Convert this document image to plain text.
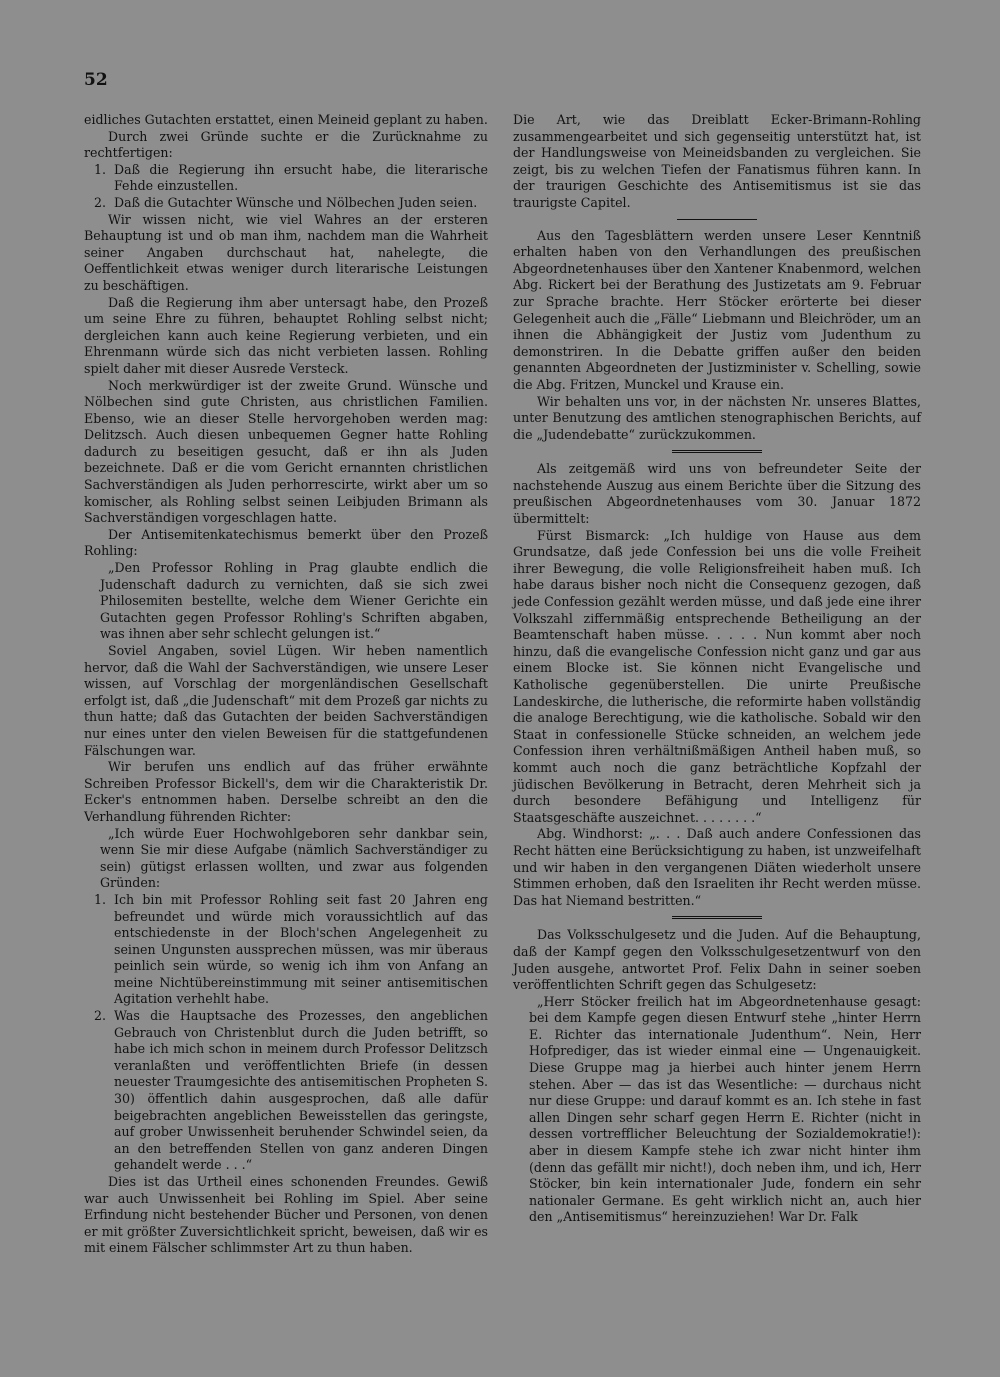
52

eidliches Gutachten erstattet, einen Meineid geplant zu haben.

Durch zwei Gründe suchte er die Zurücknahme zu rechtfertigen:

1. Daß die Regierung ihn ersucht habe, die literarische Fehde einzustellen.
2. Daß die Gutachter Wünsche und Nölbechen Juden seien.

Wir wissen nicht, wie viel Wahres an der ersteren Behauptung ist und ob man ihm, nachdem man die Wahrheit seiner Angaben durchschaut hat, nahelegte, die Oeffentlichkeit etwas weniger durch literarische Leistungen zu beschäftigen.

Daß die Regierung ihm aber untersagt habe, den Prozeß um seine Ehre zu führen, behauptet Rohling selbst nicht; dergleichen kann auch keine Regierung verbieten, und ein Ehrenmann würde sich das nicht verbieten lassen. Rohling spielt daher mit dieser Ausrede Versteck.

Noch merkwürdiger ist der zweite Grund. Wünsche und Nölbechen sind gute Christen, aus christlichen Familien. Ebenso, wie an dieser Stelle hervorgehoben werden mag: Delitzsch. Auch diesen unbequemen Gegner hatte Rohling dadurch zu beseitigen gesucht, daß er ihn als Juden bezeichnete. Daß er die vom Gericht ernannten christlichen Sachverständigen als Juden perhorrescirte, wirkt aber um so komischer, als Rohling selbst seinen Leibjuden Brimann als Sachverständigen vorgeschlagen hatte.

Der Antisemitenkatechismus bemerkt über den Prozeß Rohling:

„Den Professor Rohling in Prag glaubte endlich die Judenschaft dadurch zu vernichten, daß sie sich zwei Philosemiten bestellte, welche dem Wiener Gerichte ein Gutachten gegen Professor Rohling's Schriften abgaben, was ihnen aber sehr schlecht gelungen ist.“

Soviel Angaben, soviel Lügen. Wir heben namentlich hervor, daß die Wahl der Sachverständigen, wie unsere Leser wissen, auf Vorschlag der morgenländischen Gesellschaft erfolgt ist, daß „die Judenschaft“ mit dem Prozeß gar nichts zu thun hatte; daß das Gutachten der beiden Sachverständigen nur eines unter den vielen Beweisen für die stattgefundenen Fälschungen war.

Wir berufen uns endlich auf das früher erwähnte Schreiben Professor Bickell's, dem wir die Charakteristik Dr. Ecker's entnommen haben. Derselbe schreibt an den die Verhandlung führenden Richter:

„Ich würde Euer Hochwohlgeboren sehr dankbar sein, wenn Sie mir diese Aufgabe (nämlich Sachverständiger zu sein) gütigst erlassen wollten, und zwar aus folgenden Gründen:

1. Ich bin mit Professor Rohling seit fast 20 Jahren eng befreundet und würde mich voraussichtlich auf das entschiedenste in der Bloch'schen Angelegenheit zu seinen Ungunsten aussprechen müssen, was mir überaus peinlich sein würde, so wenig ich ihm von Anfang an meine Nichtübereinstimmung mit seiner antisemitischen Agitation verhehlt habe.
2. Was die Hauptsache des Prozesses, den angeblichen Gebrauch von Christenblut durch die Juden betrifft, so habe ich mich schon in meinem durch Professor Delitzsch veranlaßten und veröffentlichten Briefe (in dessen neuester Traumgesichte des antisemitischen Propheten S. 30) öffentlich dahin ausgesprochen, daß alle dafür beigebrachten angeblichen Beweisstellen das geringste, auf grober Unwissenheit beruhender Schwindel seien, da an den betreffenden Stellen von ganz anderen Dingen gehandelt werde . . .“

Dies ist das Urtheil eines schonenden Freundes. Gewiß war auch Unwissenheit bei Rohling im Spiel. Aber seine Erfindung nicht bestehender Bücher und Personen, von denen er mit größter Zuversichtlichkeit spricht, beweisen, daß wir es mit einem Fälscher schlimmster Art zu thun haben.

Die Art, wie das Dreiblatt Ecker-Brimann-Rohling zusammengearbeitet und sich gegenseitig unterstützt hat, ist der Handlungsweise von Meineidsbanden zu vergleichen. Sie zeigt, bis zu welchen Tiefen der Fanatismus führen kann. In der traurigen Geschichte des Antisemitismus ist sie das traurigste Capitel.

Aus den Tagesblättern werden unsere Leser Kenntniß erhalten haben von den Verhandlungen des preußischen Abgeordnetenhauses über den Xantener Knabenmord, welchen Abg. Rickert bei der Berathung des Justizetats am 9. Februar zur Sprache brachte. Herr Stöcker erörterte bei dieser Gelegenheit auch die „Fälle“ Liebmann und Bleichröder, um an ihnen die Abhängigkeit der Justiz vom Judenthum zu demonstriren. In die Debatte griffen außer den beiden genannten Abgeordneten der Justizminister v. Schelling, sowie die Abg. Fritzen, Munckel und Krause ein.

Wir behalten uns vor, in der nächsten Nr. unseres Blattes, unter Benutzung des amtlichen stenographischen Berichts, auf die „Judendebatte“ zurückzukommen.

Als zeitgemäß wird uns von befreundeter Seite der nachstehende Auszug aus einem Berichte über die Sitzung des preußischen Abgeordnetenhauses vom 30. Januar 1872 übermittelt:

Fürst Bismarck: „Ich huldige von Hause aus dem Grundsatze, daß jede Confession bei uns die volle Freiheit ihrer Bewegung, die volle Religionsfreiheit haben muß. Ich habe daraus bisher noch nicht die Consequenz gezogen, daß jede Confession gezählt werden müsse, und daß jede eine ihrer Volkszahl ziffernmäßig entsprechende Betheiligung an der Beamtenschaft haben müsse. . . . . Nun kommt aber noch hinzu, daß die evangelische Confession nicht ganz und gar aus einem Blocke ist. Sie können nicht Evangelische und Katholische gegenüberstellen. Die unirte Preußische Landeskirche, die lutherische, die reformirte haben vollständig die analoge Berechtigung, wie die katholische. Sobald wir den Staat in confessionelle Stücke schneiden, an welchem jede Confession ihren verhältnißmäßigen Antheil haben muß, so kommt auch noch die ganz beträchtliche Kopfzahl der jüdischen Bevölkerung in Betracht, deren Mehrheit sich ja durch besondere Befähigung und Intelligenz für Staatsgeschäfte auszeichnet. . . . . . . .“

Abg. Windhorst: „. . . Daß auch andere Confessionen das Recht hätten eine Berücksichtigung zu haben, ist unzweifelhaft und wir haben in den vergangenen Diäten wiederholt unsere Stimmen erhoben, daß den Israeliten ihr Recht werden müsse. Das hat Niemand bestritten.“

Das Volksschulgesetz und die Juden. Auf die Behauptung, daß der Kampf gegen den Volksschulgesetzentwurf von den Juden ausgehe, antwortet Prof. Felix Dahn in seiner soeben veröffentlichten Schrift gegen das Schulgesetz:

„Herr Stöcker freilich hat im Abgeordnetenhause gesagt: bei dem Kampfe gegen diesen Entwurf stehe „hinter Herrn E. Richter das internationale Judenthum“. Nein, Herr Hofprediger, das ist wieder einmal eine — Ungenauigkeit. Diese Gruppe mag ja hierbei auch hinter jenem Herrn stehen. Aber — das ist das Wesentliche: — durchaus nicht nur diese Gruppe: und darauf kommt es an. Ich stehe in fast allen Dingen sehr scharf gegen Herrn E. Richter (nicht in dessen vortrefflicher Beleuchtung der Sozialdemokratie!): aber in diesem Kampfe stehe ich zwar nicht hinter ihm (denn das gefällt mir nicht!), doch neben ihm, und ich, Herr Stöcker, bin kein internationaler Jude, fondern ein sehr nationaler Germane. Es geht wirklich nicht an, auch hier den „Antisemitismus“ hereinzuziehen! War Dr. Falk
